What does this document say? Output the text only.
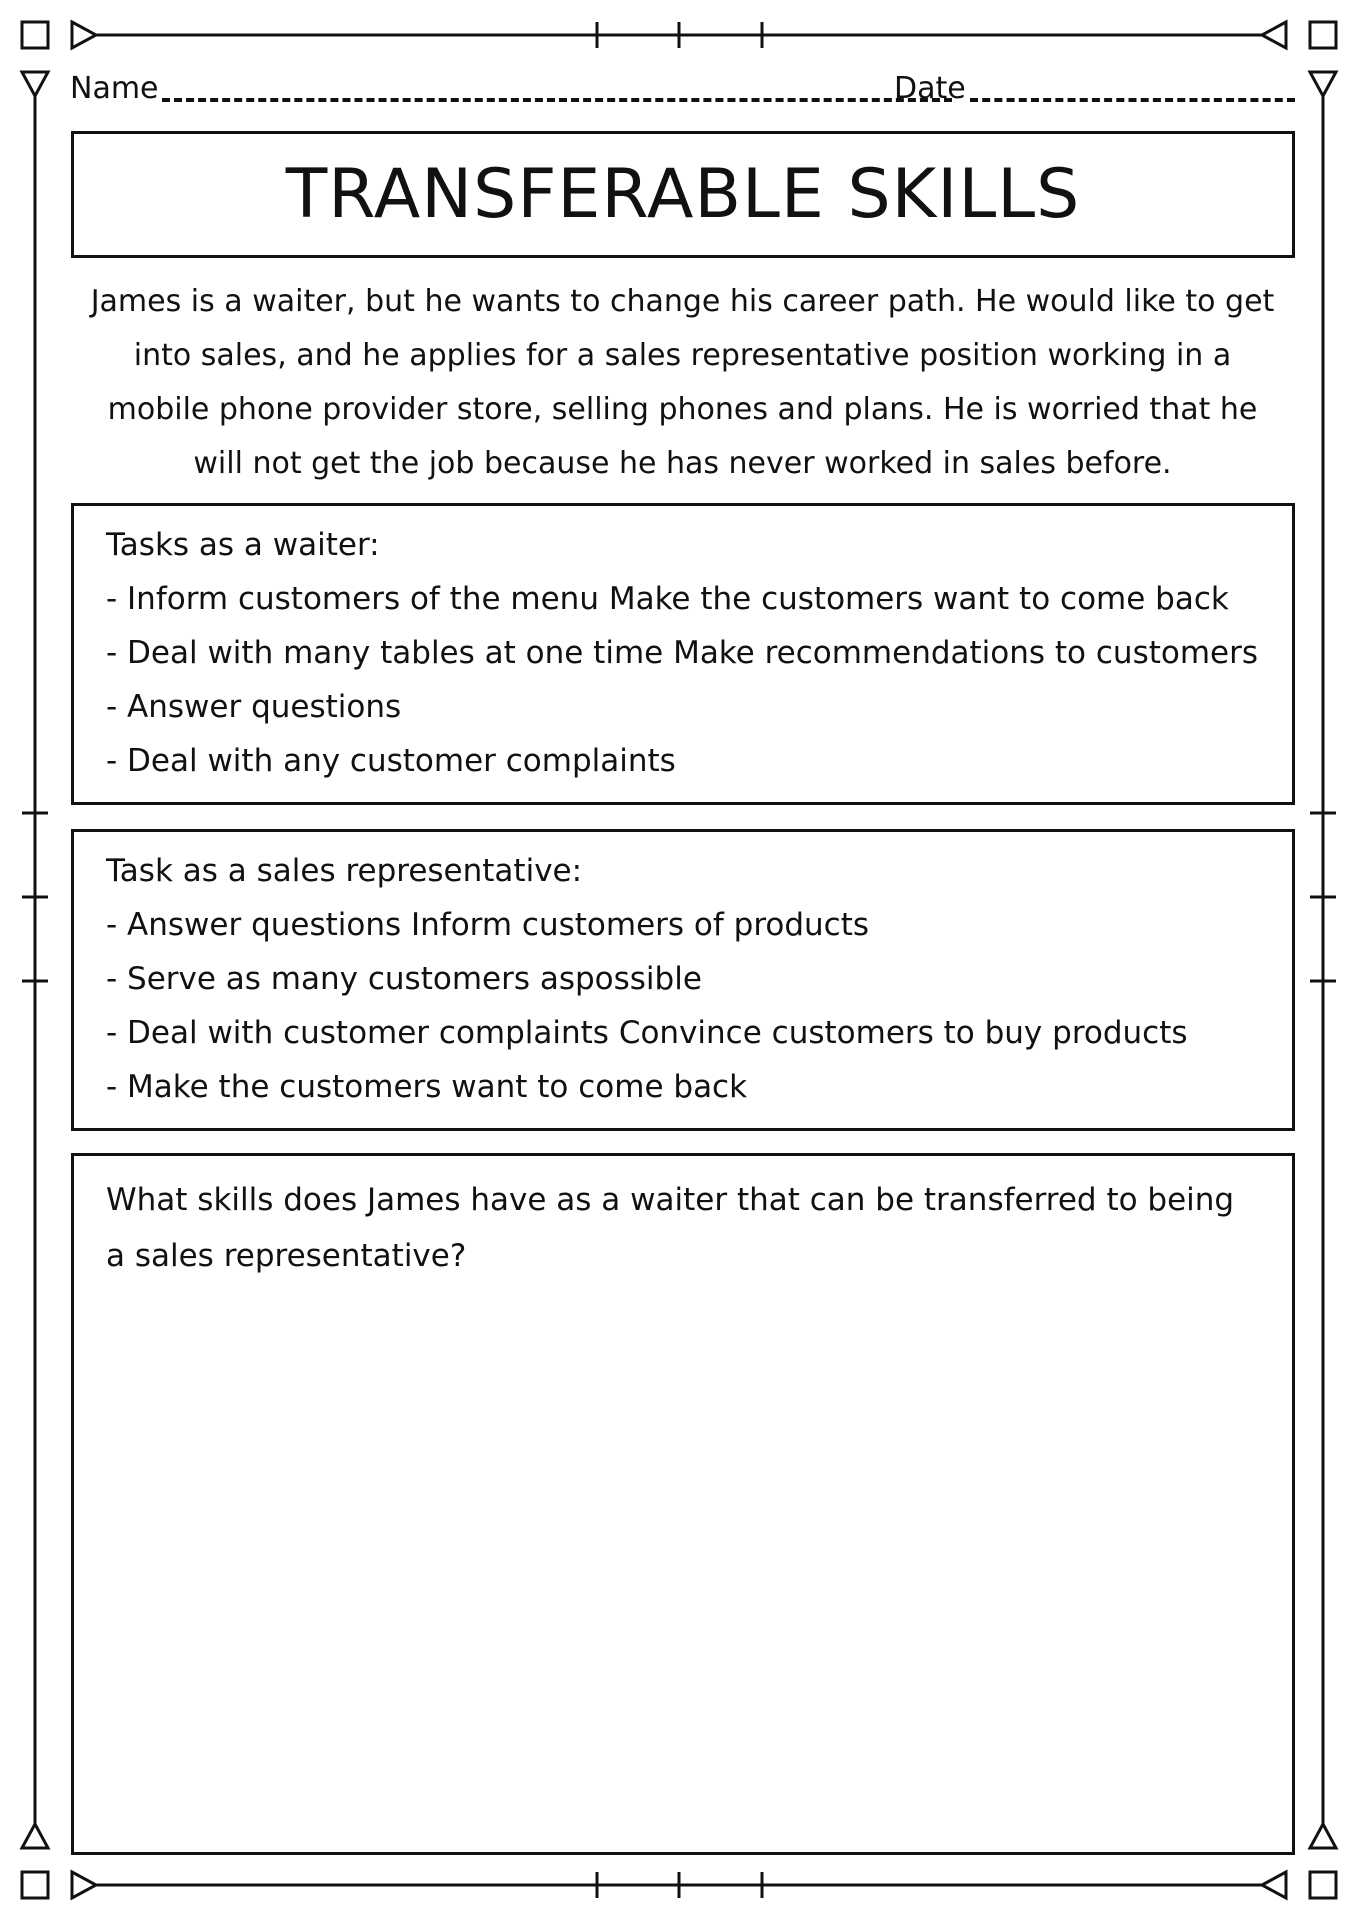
Name	Date
TRANSFERABLE SKILLS
James is a waiter, but he wants to change his career path. He would like to get into sales, and he applies for a sales representative position working in a mobile phone provider store, selling phones and plans. He is worried that he will not get the job because he has never worked in sales before.
Tasks as a waiter:
- Inform customers of the menu Make the customers want to come back
- Deal with many tables at one time Make recommendations to customers
- Answer questions
- Deal with any customer complaints
Task as a sales representative:
- Answer questions Inform customers of products
- Serve as many customers aspossible
- Deal with customer complaints Convince customers to buy products
- Make the customers want to come back
What skills does James have as a waiter that can be transferred to being a sales representative?
